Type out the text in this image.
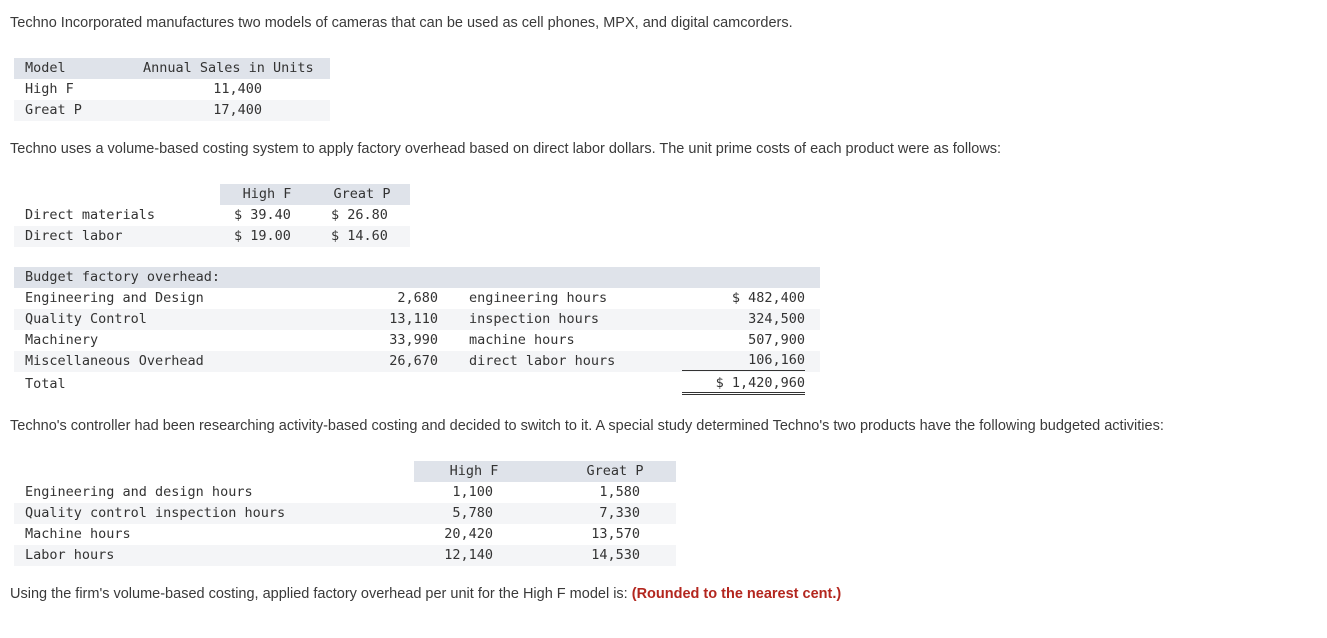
Techno Incorporated manufactures two models of cameras that can be used as cell phones, MPX, and digital camcorders.
Model	Annual Sales in Units
High F	11,400
Great P	17,400
Techno uses a volume-based costing system to apply factory overhead based on direct labor dollars. The unit prime costs of each product were as follows:
High F	Great P
Direct materials	$ 39.40	$ 26.80
Direct labor	$ 19.00	$ 14.60
Budget factory overhead:
Engineering and Design	2,680 engineering hours	$ 482,400
Quality Control	13,110 inspection hours	324,500
Machinery	33,990 machine hours	507,900
Miscellaneous Overhead	26,670 direct labor hours	106,160
Total	$ 1,420,960
Techno's controller had been researching activity-based costing and decided to switch to it. A special study determined Techno's two products have the following budgeted activities:
High F	Great P
Engineering and design hours	1,100	1,580
Quality control inspection hours	5,780	7,330
Machine hours	20,420	13,570
Labor hours	12,140	14,530
Using the firm's volume-based costing, applied factory overhead per unit for the High F model is: (Rounded to the nearest cent.)
